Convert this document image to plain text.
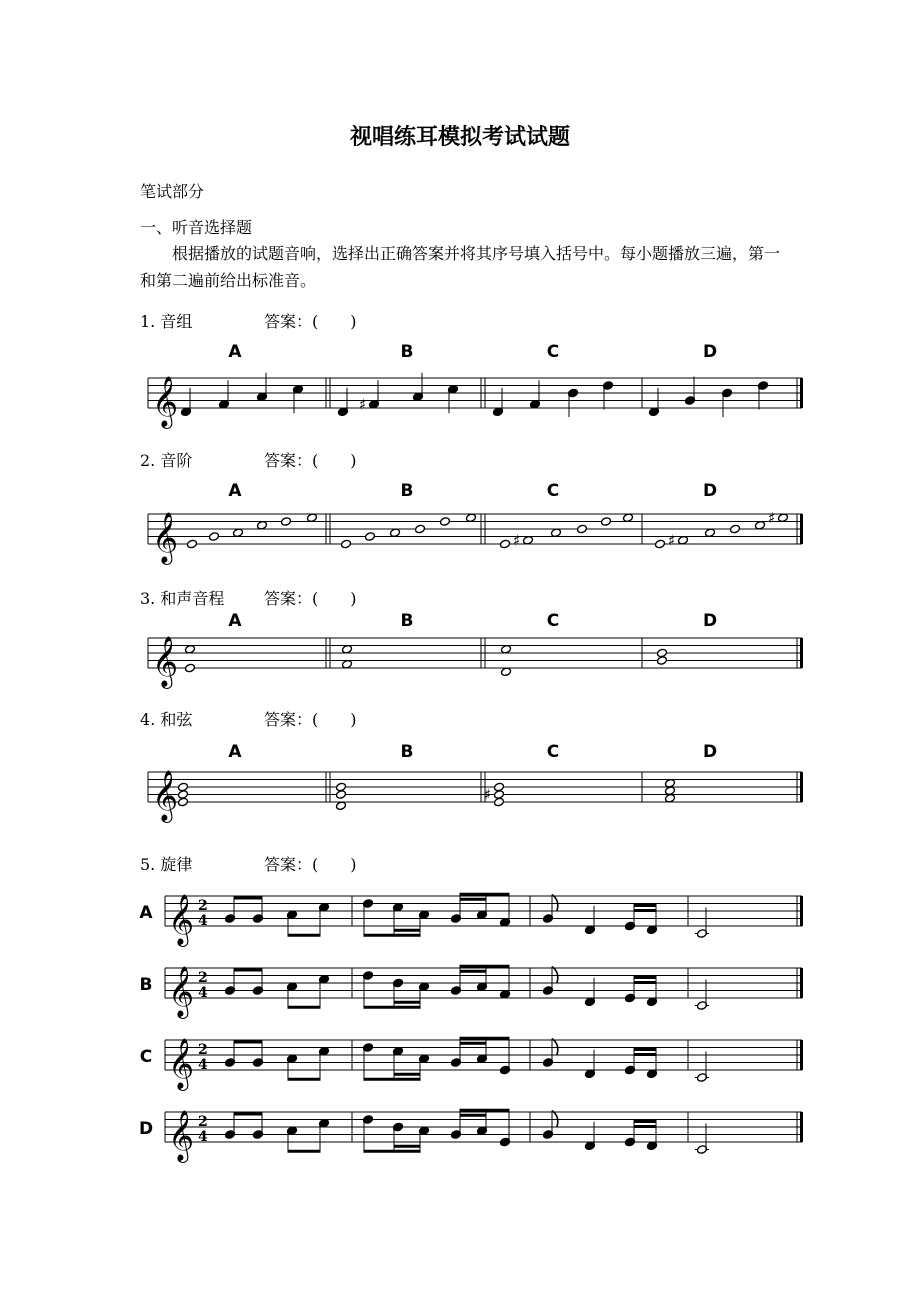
视唱练耳模拟考试试题
笔试部分
一、听音选择题
根据播放的试题音响，选择出正确答案并将其序号填入括号中。每小题播放三遍，第一和第二遍前给出标准音。
1. 音组	答案：(　　)
2. 音阶	答案：(　　)
3. 和声音程 答案：(　　)
4. 和弦	答案：(　　)
5. 旋律	答案：(　　)
𝄞
A	B	C	D
♯
𝄞
A	B	C	D
♯	♯
♯
𝄞
A	B	C	D
𝄞
A	B	C	D
♯
𝄞
A	2
4
𝄞
B	2
4
𝄞
C	2
4
𝄞
D	2
4
